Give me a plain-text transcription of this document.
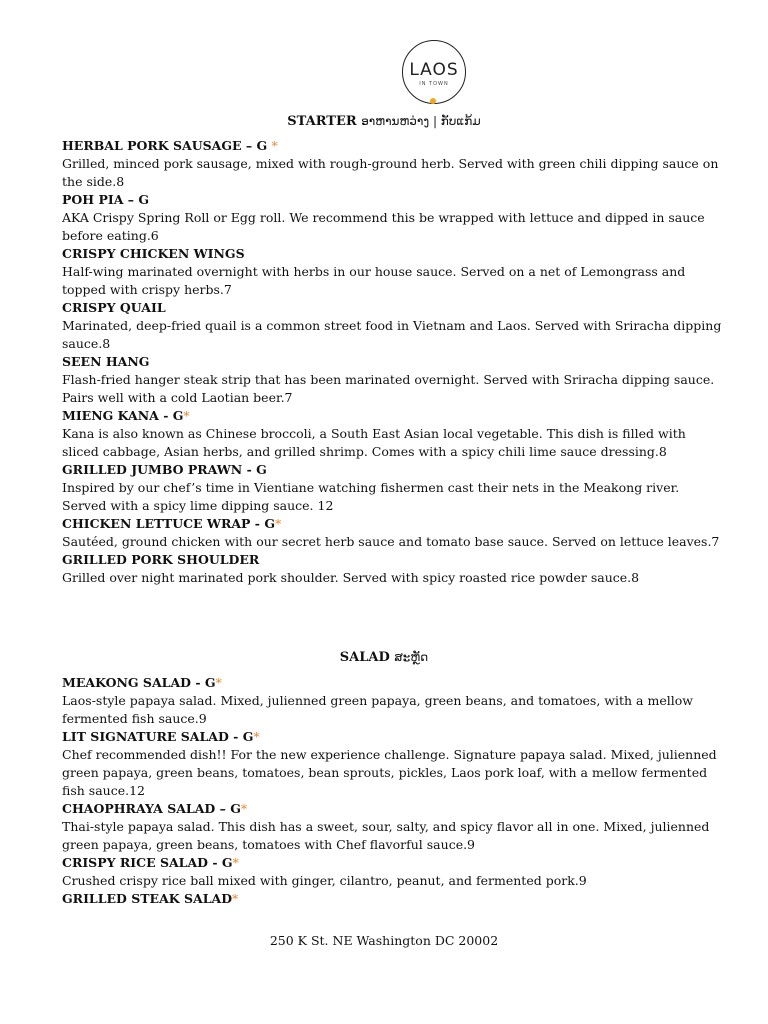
LAOS
IN TOWN
STARTER ອາຫານຫວ່າງ | ກັບແກ້ມ
HERBAL PORK SAUSAGE – G *
Grilled, minced pork sausage, mixed with rough-ground herb. Served with green chili dipping sauce on the side.8
POH PIA – G
AKA Crispy Spring Roll or Egg roll. We recommend this be wrapped with lettuce and dipped in sauce before eating.6
CRISPY CHICKEN WINGS
Half-wing marinated overnight with herbs in our house sauce. Served on a net of Lemongrass and topped with crispy herbs.7
CRISPY QUAIL
Marinated, deep-fried quail is a common street food in Vietnam and Laos. Served with Sriracha dipping sauce.8
SEEN HANG
Flash-fried hanger steak strip that has been marinated overnight. Served with Sriracha dipping sauce. Pairs well with a cold Laotian beer.7
MIENG KANA - G*
Kana is also known as Chinese broccoli, a South East Asian local vegetable. This dish is filled with sliced cabbage, Asian herbs, and grilled shrimp. Comes with a spicy chili lime sauce dressing.8
GRILLED JUMBO PRAWN - G
Inspired by our chef’s time in Vientiane watching fishermen cast their nets in the Meakong river. Served with a spicy lime dipping sauce. 12
CHICKEN LETTUCE WRAP - G*
Sautéed, ground chicken with our secret herb sauce and tomato base sauce. Served on lettuce leaves.7
GRILLED PORK SHOULDER
Grilled over night marinated pork shoulder. Served with spicy roasted rice powder sauce.8
SALAD ສະຫຼັດ
MEAKONG SALAD - G*
Laos-style papaya salad. Mixed, julienned green papaya, green beans, and tomatoes, with a mellow fermented fish sauce.9
LIT SIGNATURE SALAD - G*
Chef recommended dish!! For the new experience challenge. Signature papaya salad. Mixed, julienned green papaya, green beans, tomatoes, bean sprouts, pickles, Laos pork loaf, with a mellow fermented fish sauce.12
CHAOPHRAYA SALAD – G*
Thai-style papaya salad. This dish has a sweet, sour, salty, and spicy flavor all in one. Mixed, julienned green papaya, green beans, tomatoes with Chef flavorful sauce.9
CRISPY RICE SALAD - G*
Crushed crispy rice ball mixed with ginger, cilantro, peanut, and fermented pork.9
GRILLED STEAK SALAD*
250 K St. NE Washington DC 20002
